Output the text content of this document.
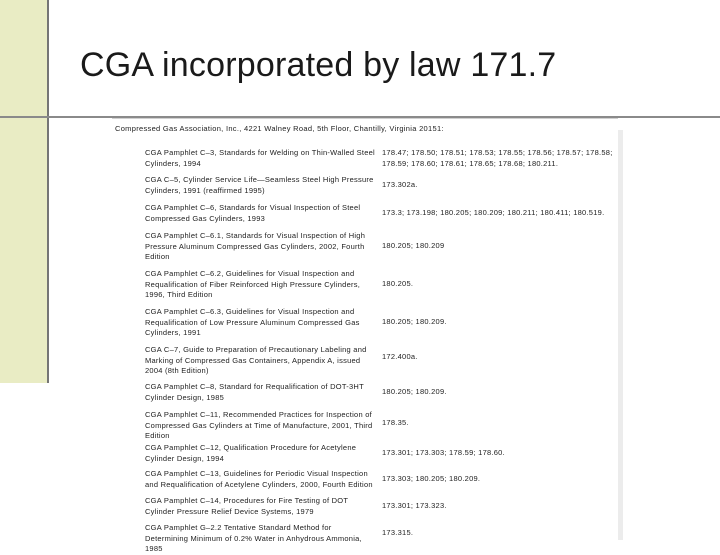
CGA incorporated by law 171.7
Compressed Gas Association, Inc., 4221 Walney Road, 5th Floor, Chantilly, Virginia 20151:
CGA Pamphlet C–3, Standards for Welding on Thin-Walled Steel Cylinders, 1994
178.47; 178.50; 178.51; 178.53; 178.55; 178.56; 178.57; 178.58; 178.59; 178.60; 178.61; 178.65; 178.68; 180.211.
CGA C–5, Cylinder Service Life—Seamless Steel High Pressure Cylinders, 1991 (reaffirmed 1995)
173.302a.
CGA Pamphlet C–6, Standards for Visual Inspection of Steel Compressed Gas Cylinders, 1993
173.3; 173.198; 180.205; 180.209; 180.211; 180.411; 180.519.
CGA Pamphlet C–6.1, Standards for Visual Inspection of High Pressure Aluminum Compressed Gas Cylinders, 2002, Fourth Edition
180.205; 180.209
CGA Pamphlet C–6.2, Guidelines for Visual Inspection and Requalification of Fiber Reinforced High Pressure Cylinders, 1996, Third Edition
180.205.
CGA Pamphlet C–6.3, Guidelines for Visual Inspection and Requalification of Low Pressure Aluminum Compressed Gas Cylinders, 1991
180.205; 180.209.
CGA C–7, Guide to Preparation of Precautionary Labeling and Marking of Compressed Gas Containers, Appendix A, issued 2004 (8th Edition)
172.400a.
CGA Pamphlet C–8, Standard for Requalification of DOT-3HT Cylinder Design, 1985
180.205; 180.209.
CGA Pamphlet C–11, Recommended Practices for Inspection of Compressed Gas Cylinders at Time of Manufacture, 2001, Third Edition
178.35.
CGA Pamphlet C–12, Qualification Procedure for Acetylene Cylinder Design, 1994
173.301; 173.303; 178.59; 178.60.
CGA Pamphlet C–13, Guidelines for Periodic Visual Inspection and Requalification of Acetylene Cylinders, 2000, Fourth Edition
173.303; 180.205; 180.209.
CGA Pamphlet C–14, Procedures for Fire Testing of DOT Cylinder Pressure Relief Device Systems, 1979
173.301; 173.323.
CGA Pamphlet G–2.2 Tentative Standard Method for Determining Minimum of 0.2% Water in Anhydrous Ammonia, 1985
173.315.
